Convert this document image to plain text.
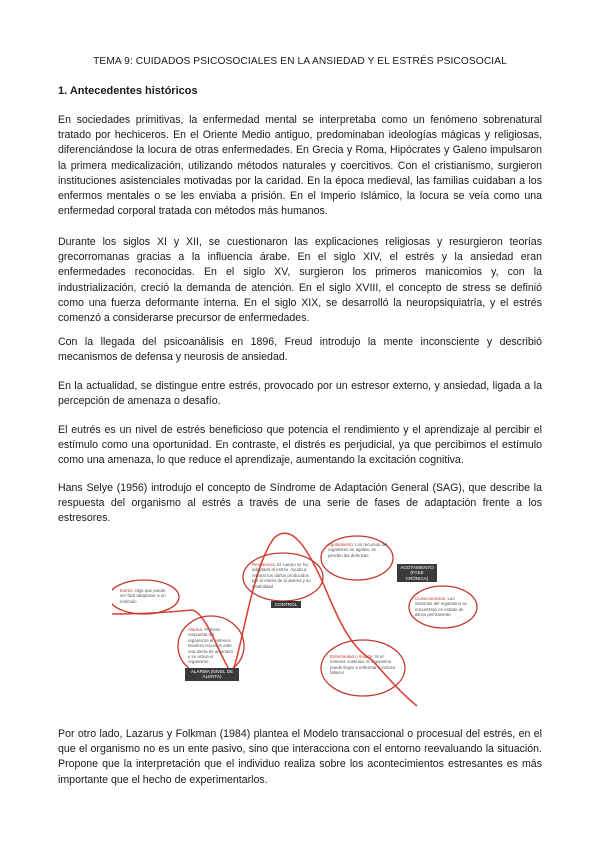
TEMA 9: CUIDADOS PSICOSOCIALES EN LA ANSIEDAD Y EL ESTRÉS PSICOSOCIAL
1. Antecedentes históricos

En sociedades primitivas, la enfermedad mental se interpretaba como un fenómeno sobrenatural tratado por hechiceros. En el Oriente Medio antiguo, predominaban ideologías mágicas y religiosas, diferenciándose la locura de otras enfermedades. En Grecia y Roma, Hipócrates y Galeno impulsaron la primera medicalización, utilizando métodos naturales y coercitivos. Con el cristianismo, surgieron instituciones asistenciales motivadas por la caridad. En la época medieval, las familias cuidaban a los enfermos mentales o se les enviaba a prisión. En el Imperio Islámico, la locura se veía como una enfermedad corporal tratada con métodos más humanos.

Durante los siglos XI y XII, se cuestionaron las explicaciones religiosas y resurgieron teorías grecorromanas gracias a la influencia árabe. En el siglo XIV, el estrés y la ansiedad eran enfermedades reconocidas. En el siglo XV, surgieron los primeros manicomios y, con la industrialización, creció la demanda de atención. En el siglo XVIII, el concepto de stress se definió como una fuerza deformante interna. En el siglo XIX, se desarrolló la neuropsiquiatría, y el estrés comenzó a considerarse precursor de enfermedades.

Con la llegada del psicoanálisis en 1896, Freud introdujo la mente inconsciente y describió mecanismos de defensa y neurosis de ansiedad.

En la actualidad, se distingue entre estrés, provocado por un estresor externo, y ansiedad, ligada a la percepción de amenaza o desafío.

El eutrés es un nivel de estrés beneficioso que potencia el rendimiento y el aprendizaje al percibir el estímulo como una oportunidad. En contraste, el distrés es perjudicial, ya que percibimos el estímulo como una amenaza, lo que reduce el aprendizaje, aumentando la excitación cognitiva.

Hans Selye (1956) introdujo el concepto de Síndrome de Adaptación General (SAG), que describe la respuesta del organismo al estrés a través de una serie de fases de adaptación frente a los estresores.

Estrés: Algo que puede ser fácil adaptarse a un estímulo
Alarma: Primera respuesta del organismo al estresor. Moviliza recursos ante una alerta de amenaza y se activa el organismo
ALARMA (NIVEL DE ALERTA)
Resistencia: El cuerpo se ha adaptado al estrés. Ayuda a reparar los daños producidos por el estrés de la alarma y su estabilidad
CONTROL
Agotamiento: Los recursos del organismo se agotan, se pierden las defensas
AGOTAMIENTO (FASE CRÓNICA)
Consecuencias: Los sistemas del organismo se encuentran en estado de alerta permanente
Enfermedad o muerte: Si el estresor continúa, el organismo puede llegar a enfermar o incluso fallecer

Por otro lado, Lazarus y Folkman (1984) plantea el Modelo transaccional o procesual del estrés, en el que el organismo no es un ente pasivo, sino que interacciona con el entorno reevaluando la situación. Propone que la interpretación que el individuo realiza sobre los acontecimientos estresantes es más importante que el hecho de experimentarlos.
